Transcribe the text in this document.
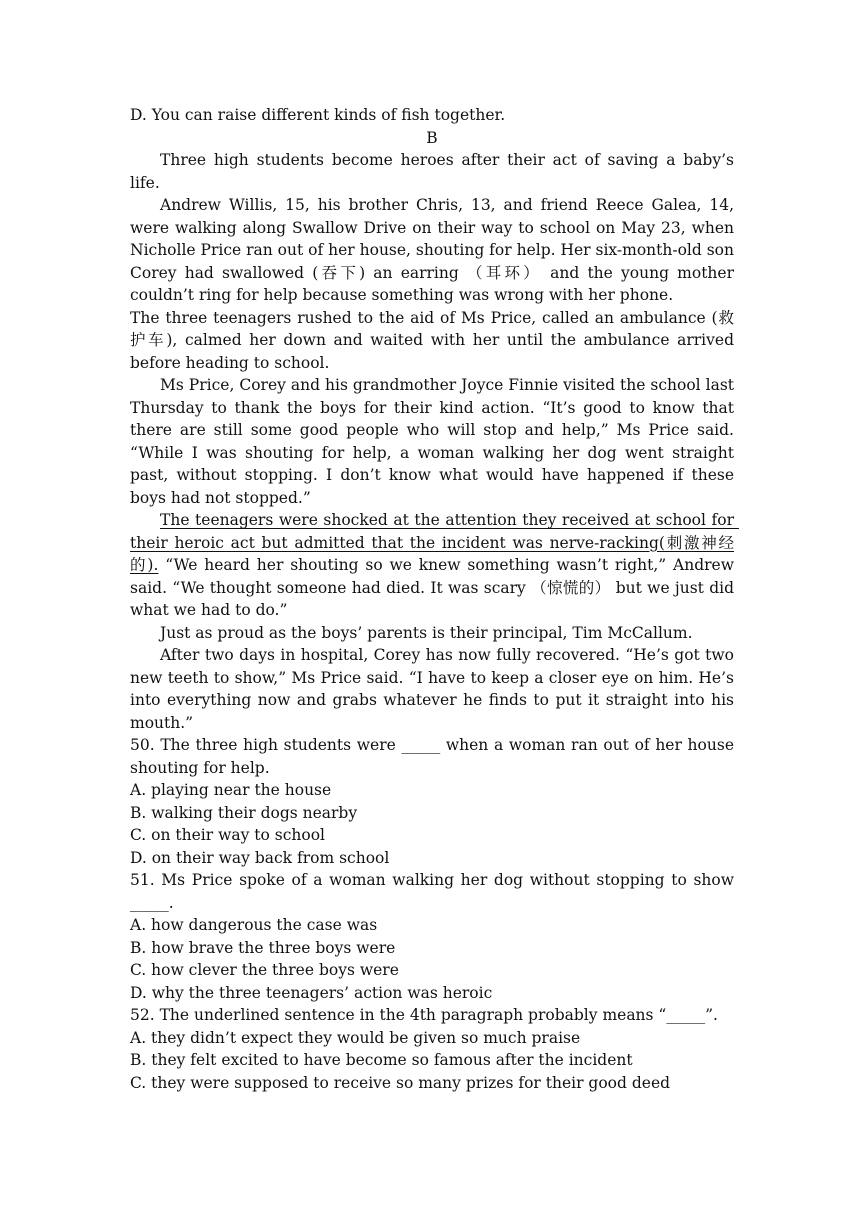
D. You can raise different kinds of fish together.

B

Three high students become heroes after their act of saving a baby’s life.

Andrew Willis, 15, his brother Chris, 13, and friend Reece Galea, 14, were walking along Swallow Drive on their way to school on May 23, when Nicholle Price ran out of her house, shouting for help. Her six-month-old son Corey had swallowed (吞下) an earring （耳环） and the young mother couldn’t ring for help because something was wrong with her phone.

The three teenagers rushed to the aid of Ms Price, called an ambulance (救护车), calmed her down and waited with her until the ambulance arrived before heading to school.

Ms Price, Corey and his grandmother Joyce Finnie visited the school last Thursday to thank the boys for their kind action. “It’s good to know that there are still some good people who will stop and help,” Ms Price said. “While I was shouting for help, a woman walking her dog went straight past, without stopping. I don’t know what would have happened if these boys had not stopped.”

The teenagers were shocked at the attention they received at school for their heroic act but admitted that the incident was nerve-racking(刺激神经的). “We heard her shouting so we knew something wasn’t right,” Andrew said. “We thought someone had died. It was scary （惊慌的） but we just did what we had to do.”

Just as proud as the boys’ parents is their principal, Tim McCallum.

After two days in hospital, Corey has now fully recovered. “He’s got two new teeth to show,” Ms Price said. “I have to keep a closer eye on him. He’s into everything now and grabs whatever he finds to put it straight into his mouth.”

50. The three high students were _____ when a woman ran out of her house shouting for help.

A. playing near the house

B. walking their dogs nearby

C. on their way to school

D. on their way back from school

51. Ms Price spoke of a woman walking her dog without stopping to show _____.

A. how dangerous the case was

B. how brave the three boys were

C. how clever the three boys were

D. why the three teenagers’ action was heroic

52. The underlined sentence in the 4th paragraph probably means “_____”.

A. they didn’t expect they would be given so much praise

B. they felt excited to have become so famous after the incident

C. they were supposed to receive so many prizes for their good deed
